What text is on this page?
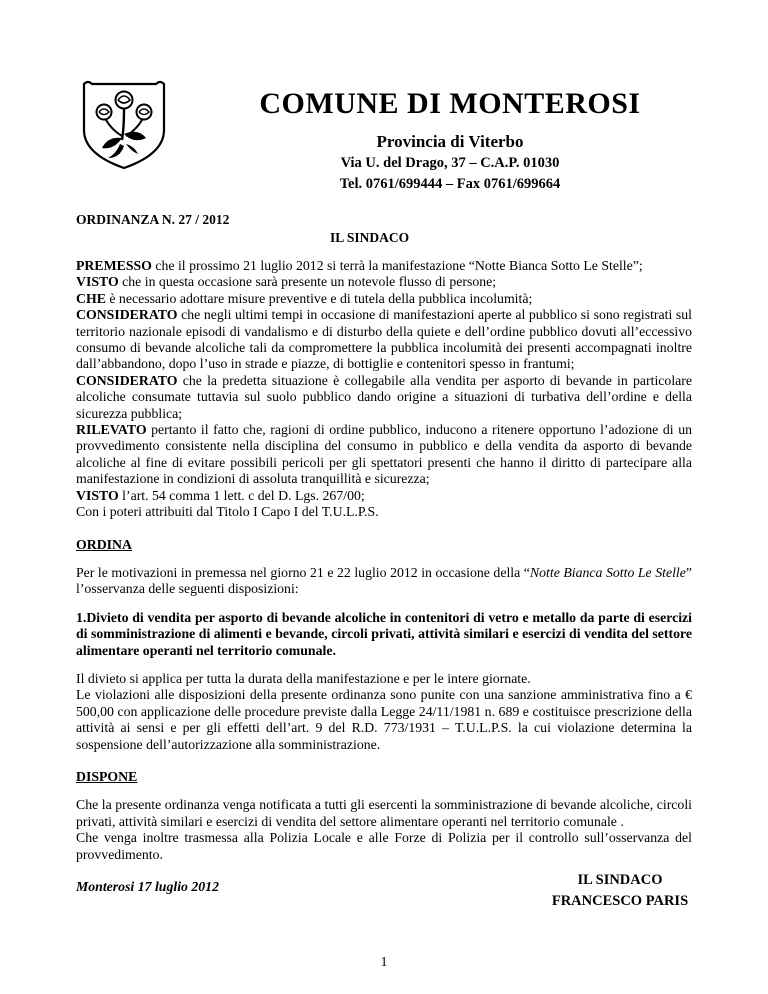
COMUNE DI MONTEROSI
Provincia di Viterbo
Via U. del Drago, 37 – C.A.P. 01030
Tel. 0761/699444 – Fax 0761/699664
ORDINANZA N. 27 / 2012
IL SINDACO

PREMESSO che il prossimo 21 luglio 2012 si terrà la manifestazione “Notte Bianca Sotto Le Stelle”;

VISTO che in questa occasione sarà presente un notevole flusso di persone;

CHE è necessario adottare misure preventive e di tutela della pubblica incolumità;

CONSIDERATO che negli ultimi tempi in occasione di manifestazioni aperte al pubblico si sono registrati sul territorio nazionale episodi di vandalismo e di disturbo della quiete e dell’ordine pubblico dovuti all’eccessivo consumo di bevande alcoliche tali da compromettere la pubblica incolumità dei presenti accompagnati inoltre dall’abbandono, dopo l’uso in strade e piazze, di bottiglie e contenitori spesso in frantumi;

CONSIDERATO che la predetta situazione è collegabile alla vendita per asporto di bevande in particolare alcoliche consumate tuttavia sul suolo pubblico dando origine a situazioni di turbativa dell’ordine e della sicurezza pubblica;

RILEVATO pertanto il fatto che, ragioni di ordine pubblico, inducono a ritenere opportuno l’adozione di un provvedimento consistente nella disciplina del consumo in pubblico e della vendita da asporto di bevande alcoliche al fine di evitare possibili pericoli per gli spettatori presenti che hanno il diritto di partecipare alla manifestazione in condizioni di assoluta tranquillità e sicurezza;

VISTO l’art. 54 comma 1 lett. c del D. Lgs. 267/00;

Con i poteri attribuiti dal Titolo I Capo I del T.U.L.P.S.

ORDINA

Per le motivazioni in premessa nel giorno 21 e 22 luglio 2012 in occasione della “Notte Bianca Sotto Le Stelle” l’osservanza delle seguenti disposizioni:

1.Divieto di vendita per asporto di bevande alcoliche in contenitori di vetro e metallo da parte di esercizi di somministrazione di alimenti e bevande, circoli privati, attività similari e esercizi di vendita del settore alimentare operanti nel territorio comunale.

Il divieto si applica per tutta la durata della manifestazione e per le intere giornate.

Le violazioni alle disposizioni della presente ordinanza sono punite con una sanzione amministrativa fino a € 500,00 con applicazione delle procedure previste dalla Legge 24/11/1981 n. 689 e costituisce prescrizione della attività ai sensi e per gli effetti dell’art. 9 del R.D. 773/1931 – T.U.L.P.S. la cui violazione determina la sospensione dell’autorizzazione alla somministrazione.

DISPONE

Che la presente ordinanza venga notificata a tutti gli esercenti la somministrazione di bevande alcoliche, circoli privati, attività similari e esercizi di vendita del settore alimentare operanti nel territorio comunale .

Che venga inoltre trasmessa alla Polizia Locale e alle Forze di Polizia per il controllo sull’osservanza del provvedimento.

Monterosi 17 luglio 2012	IL SINDACO
FRANCESCO PARIS
1
